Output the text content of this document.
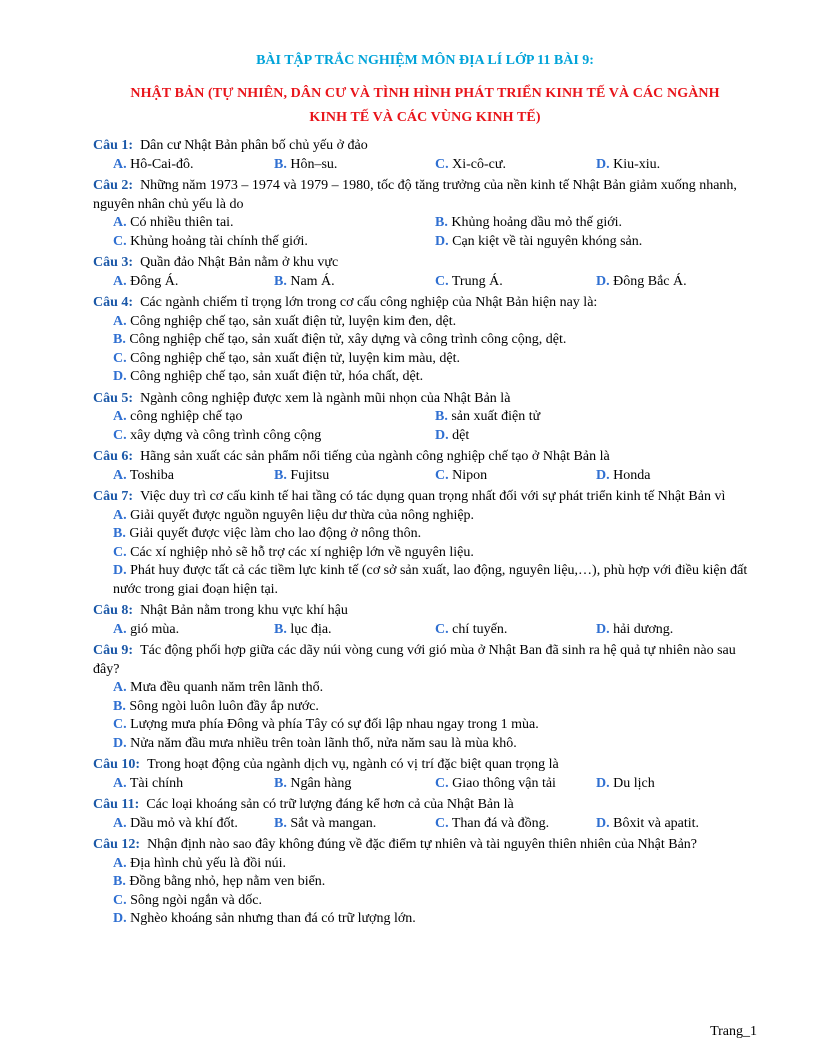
BÀI TẬP TRẮC NGHIỆM MÔN ĐỊA LÍ LỚP 11 BÀI 9:
NHẬT BẢN (TỰ NHIÊN, DÂN CƯ VÀ TÌNH HÌNH PHÁT TRIỂN KINH TẾ VÀ CÁC NGÀNH
KINH TẾ VÀ CÁC VÙNG KINH TẾ)
Câu 1: Dân cư Nhật Bản phân bố chủ yếu ở đảo
A. Hô-Cai-đô.	B. Hôn–su.	C. Xi-cô-cư.	D. Kiu-xiu.
Câu 2: Những năm 1973 – 1974 và 1979 – 1980, tốc độ tăng trưởng của nền kinh tế Nhật Bản giảm xuống nhanh, nguyên nhân chủ yếu là do
A. Có nhiều thiên tai.	B. Khủng hoảng dầu mỏ thế giới.
C. Khủng hoảng tài chính thế giới.	D. Cạn kiệt về tài nguyên khóng sản.
Câu 3: Quần đảo Nhật Bản nằm ở khu vực
A. Đông Á.	B. Nam Á.	C. Trung Á.	D. Đông Bắc Á.
Câu 4: Các ngành chiếm tỉ trọng lớn trong cơ cấu công nghiệp của Nhật Bản hiện nay là:
A. Công nghiệp chế tạo, sản xuất điện tử, luyện kim đen, dệt.
B. Công nghiệp chế tạo, sản xuất điện tử, xây dựng và công trình công cộng, dệt.
C. Công nghiệp chế tạo, sản xuất điện tử, luyện kim màu, dệt.
D. Công nghiệp chế tạo, sản xuất điện tử, hóa chất, dệt.
Câu 5: Ngành công nghiệp được xem là ngành mũi nhọn của Nhật Bản là
A. công nghiệp chế tạo	B. sản xuất điện tử
C. xây dựng và công trình công cộng	D. dệt
Câu 6: Hãng sản xuất các sản phẩm nổi tiếng của ngành công nghiệp chế tạo ở Nhật Bản là
A. Toshiba	B. Fujitsu	C. Nipon	D. Honda
Câu 7: Việc duy trì cơ cấu kinh tế hai tầng có tác dụng quan trọng nhất đối với sự phát triển kinh tế Nhật Bản vì
A. Giải quyết được nguồn nguyên liệu dư thừa của nông nghiệp.
B. Giải quyết được việc làm cho lao động ở nông thôn.
C. Các xí nghiệp nhỏ sẽ hỗ trợ các xí nghiệp lớn về nguyên liệu.
D. Phát huy được tất cả các tiềm lực kinh tế (cơ sở sản xuất, lao động, nguyên liệu,…), phù hợp với điều kiện đất nước trong giai đoạn hiện tại.
Câu 8: Nhật Bản nằm trong khu vực khí hậu
A. gió mùa.	B. lục địa.	C. chí tuyến.	D. hải dương.
Câu 9: Tác động phối hợp giữa các dãy núi vòng cung với gió mùa ở Nhật Ban đã sinh ra hệ quả tự nhiên nào sau đây?
A. Mưa đều quanh năm trên lãnh thổ.
B. Sông ngòi luôn luôn đầy ắp nước.
C. Lượng mưa phía Đông và phía Tây có sự đối lập nhau ngay trong 1 mùa.
D. Nửa năm đầu mưa nhiều trên toàn lãnh thổ, nửa năm sau là mùa khô.
Câu 10: Trong hoạt động của ngành dịch vụ, ngành có vị trí đặc biệt quan trọng là
A. Tài chính	B. Ngân hàng	C. Giao thông vận tải	D. Du lịch
Câu 11: Các loại khoáng sản có trữ lượng đáng kể hơn cả của Nhật Bản là
A. Dầu mỏ và khí đốt.	B. Sắt và mangan.	C. Than đá và đồng.	D. Bôxit và apatit.
Câu 12: Nhận định nào sao đây không đúng về đặc điểm tự nhiên và tài nguyên thiên nhiên của Nhật Bản?
A. Địa hình chủ yếu là đồi núi.
B. Đồng bằng nhỏ, hẹp nằm ven biển.
C. Sông ngòi ngắn và dốc.
D. Nghèo khoáng sản nhưng than đá có trữ lượng lớn.
Trang_1
